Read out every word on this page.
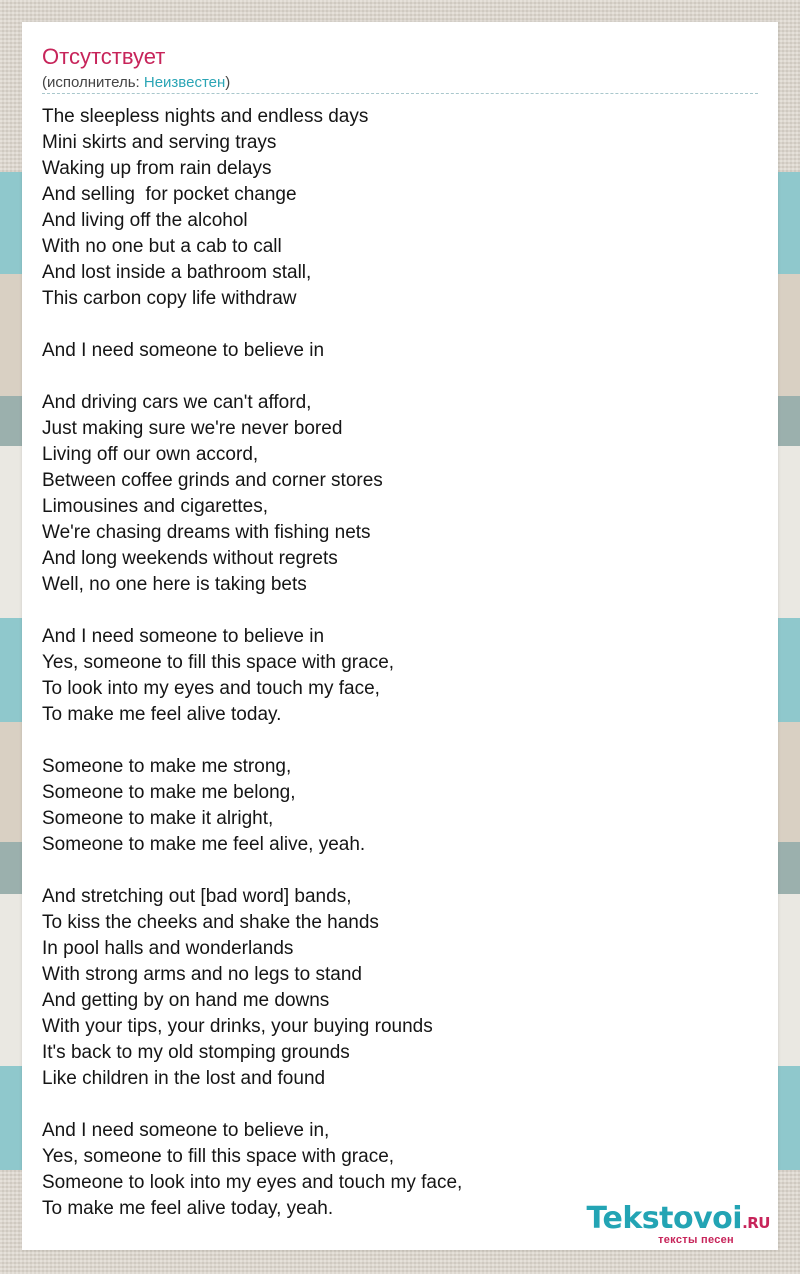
Отсутствует
(исполнитель: Неизвестен)
The sleepless nights and endless days
Mini skirts and serving trays
Waking up from rain delays
And selling  for pocket change
And living off the alcohol
With no one but a cab to call
And lost inside a bathroom stall,
This carbon copy life withdraw
And I need someone to believe in
And driving cars we can't afford,
Just making sure we're never bored
Living off our own accord,
Between coffee grinds and corner stores
Limousines and cigarettes,
We're chasing dreams with fishing nets
And long weekends without regrets
Well, no one here is taking bets
And I need someone to believe in
Yes, someone to fill this space with grace,
To look into my eyes and touch my face,
To make me feel alive today.
Someone to make me strong,
Someone to make me belong,
Someone to make it alright,
Someone to make me feel alive, yeah.
And stretching out [bad word] bands,
To kiss the cheeks and shake the hands
In pool halls and wonderlands
With strong arms and no legs to stand
And getting by on hand me downs
With your tips, your drinks, your buying rounds
It's back to my old stomping grounds
Like children in the lost and found
And I need someone to believe in,
Yes, someone to fill this space with grace,
Someone to look into my eyes and touch my face,
To make me feel alive today, yeah.	Tekstovoi.RU
тексты песен
